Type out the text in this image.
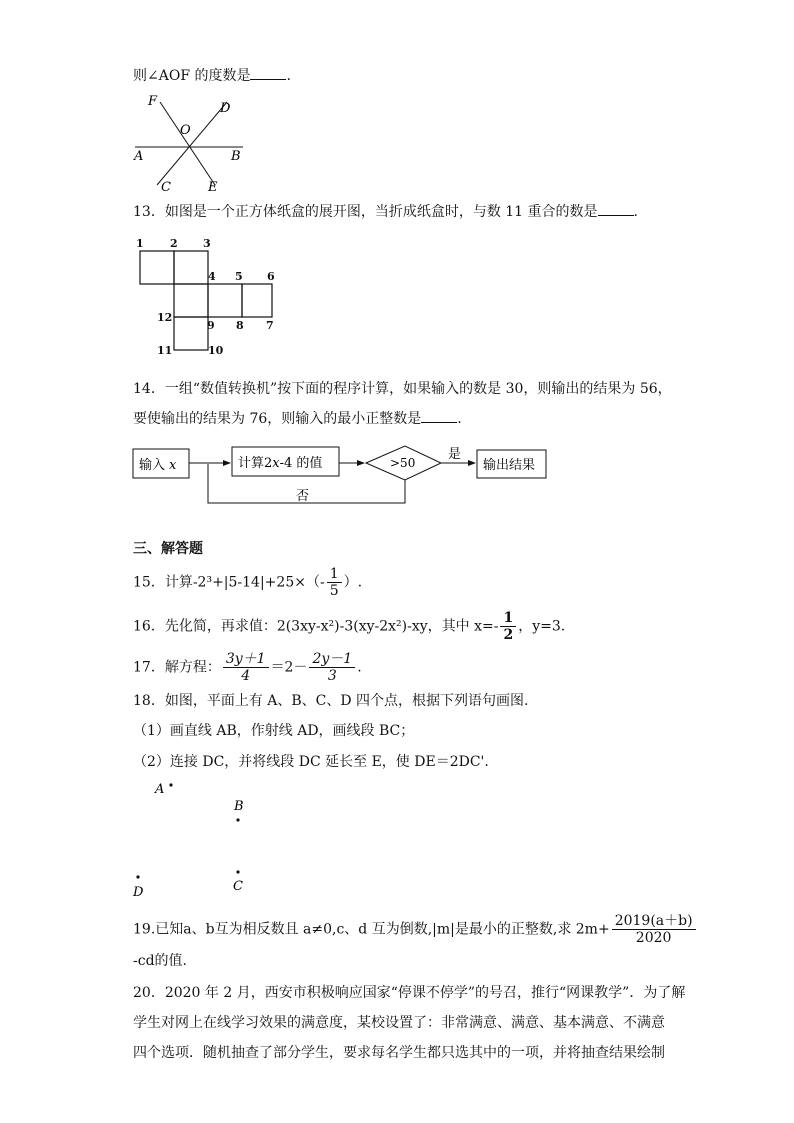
则∠AOF 的度数是	.
F	D
O
A	B
C	E
13．如图是一个正方体纸盒的展开图，当折成纸盒时，与数 11 重合的数是	.
1 2 3
4 5 6
12
9 8 7
11	10
14．一组“数值转换机”按下面的程序计算，如果输入的数是 30，则输出的结果为 56，
要使输出的结果为 76，则输入的最小正整数是	.
输入 x	计算2x-4 的值	>50
是
否
输出结果
三、解答题
15．计算$-2^3+|5-14|+25\times(- \frac{1}{5}$ ）.
16．先化简，再求值：2(3xy-x²)-3(xy-2x²)-xy，其中 $x=- \frac{1}{2}$ ，y=3.
17．解方程： $\frac{3y+1}{4} =2- \frac{2y-1}{3}$ .
18．如图，平面上有 A、B、C、D 四个点，根据下列语句画图.
（1）画直线 AB，作射线 AD，画线段 BC；
（2）连接 DC，并将线段 DC 延长至 E，使 DE＝2DC'.
A
B
C
D
19.已知a、b互为相反数且 a≠0,c、d 互为倒数,|m|是最小的正整数,求 $2m+ \frac{2019(a+b)}{2020}$
-cd的值.
20．2020 年 2 月，西安市积极响应国家“停课不停学”的号召，推行“网课教学”．为了解
学生对网上在线学习效果的满意度，某校设置了：非常满意、满意、基本满意、不满意
四个选项．随机抽查了部分学生，要求每名学生都只选其中的一项，并将抽查结果绘制
